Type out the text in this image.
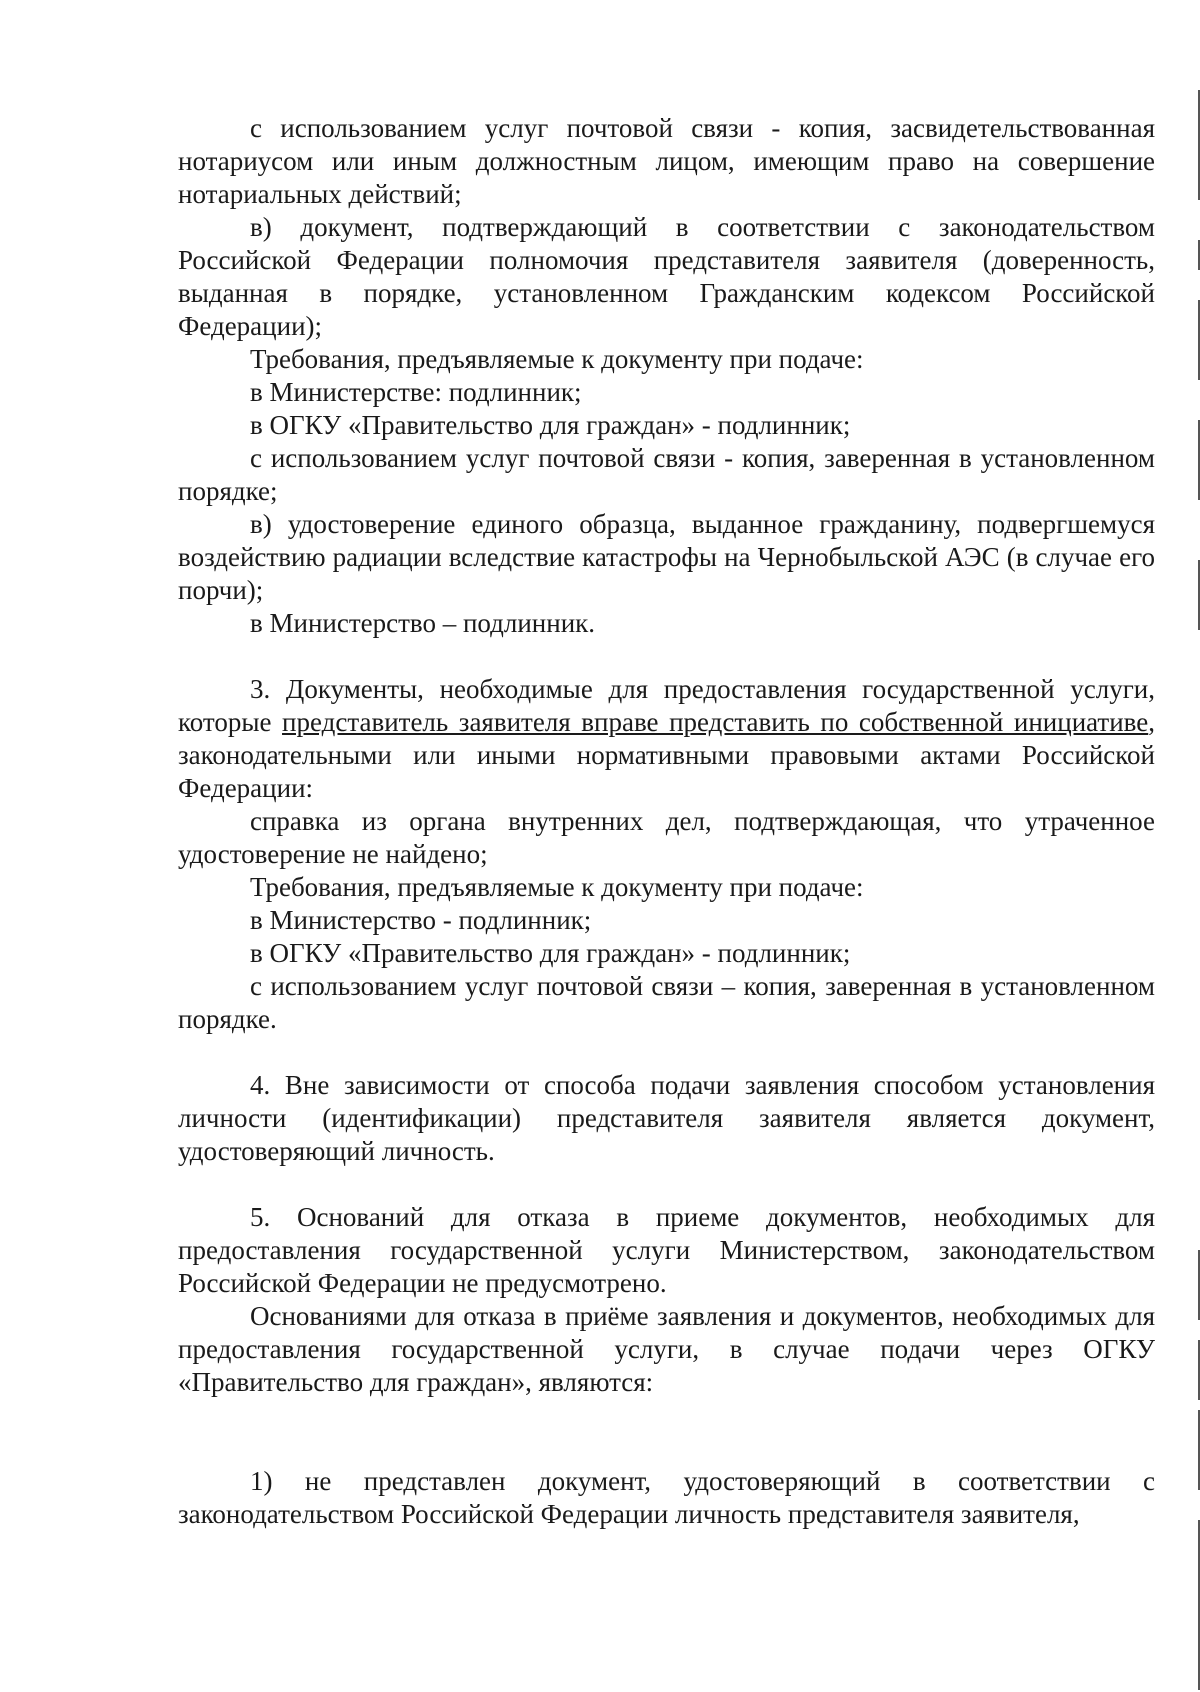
с использованием услуг почтовой связи - копия, засвидетельствованная нотариусом или иным должностным лицом, имеющим право на совершение нотариальных действий;

в) документ, подтверждающий в соответствии с законодательством Российской Федерации полномочия представителя заявителя (доверенность, выданная в порядке, установленном Гражданским кодексом Российской Федерации);

Требования, предъявляемые к документу при подаче:

в Министерстве: подлинник;

в ОГКУ «Правительство для граждан» - подлинник;

с использованием услуг почтовой связи - копия, заверенная в установленном порядке;

в) удостоверение единого образца, выданное гражданину, подвергшемуся воздействию радиации вследствие катастрофы на Чернобыльской АЭС (в случае его порчи);

в Министерство – подлинник.

3. Документы, необходимые для предоставления государственной услуги, которые представитель заявителя вправе представить по собственной инициативе, законодательными или иными нормативными правовыми актами Российской Федерации:

справка из органа внутренних дел, подтверждающая, что утраченное удостоверение не найдено;

Требования, предъявляемые к документу при подаче:

в Министерство - подлинник;

в ОГКУ «Правительство для граждан» - подлинник;

с использованием услуг почтовой связи – копия, заверенная в установленном порядке.

4. Вне зависимости от способа подачи заявления способом установления личности (идентификации) представителя заявителя является документ, удостоверяющий личность.

5. Оснований для отказа в приеме документов, необходимых для предоставления государственной услуги Министерством, законодательством Российской Федерации не предусмотрено.

Основаниями для отказа в приёме заявления и документов, необходимых для предоставления государственной услуги, в случае подачи через ОГКУ «Правительство для граждан», являются:

1) не представлен документ, удостоверяющий в соответствии с законодательством Российской Федерации личность представителя заявителя,
